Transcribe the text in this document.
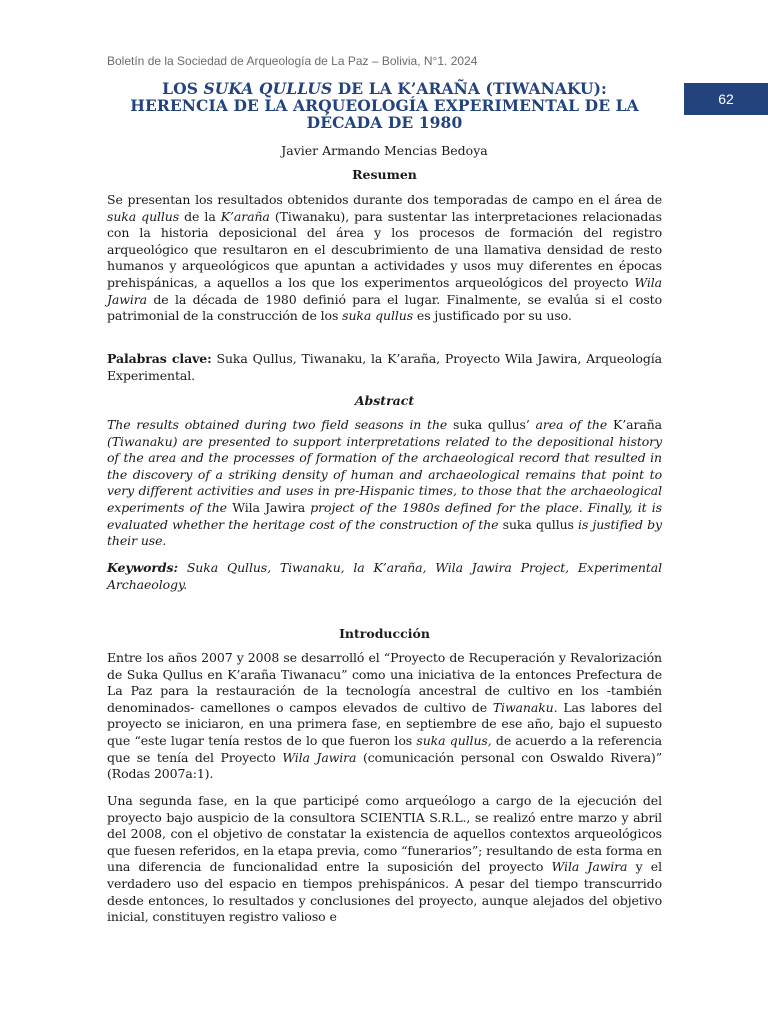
Boletín de la Sociedad de Arqueología de La Paz – Bolivia, N°1. 2024
62
LOS SUKA QULLUS DE LA K’ARAÑA (TIWANAKU):
HERENCIA DE LA ARQUEOLOGÍA EXPERIMENTAL DE LA
DÉCADA DE 1980
Javier Armando Mencias Bedoya
Resumen

Se presentan los resultados obtenidos durante dos temporadas de campo en el área de suka qullus de la K’araña (Tiwanaku), para sustentar las interpretaciones relacionadas con la historia deposicional del área y los procesos de formación del registro arqueológico que resultaron en el descubrimiento de una llamativa densidad de resto humanos y arqueológicos que apuntan a actividades y usos muy diferentes en épocas prehispánicas, a aquellos a los que los experimentos arqueológicos del proyecto Wila Jawira de la década de 1980 definió para el lugar. Finalmente, se evalúa si el costo patrimonial de la construcción de los suka qullus es justificado por su uso.

Palabras clave: Suka Qullus, Tiwanaku, la K’araña, Proyecto Wila Jawira, Arqueología Experimental.

Abstract

The results obtained during two field seasons in the suka qullus’ area of the K’araña (Tiwanaku) are presented to support interpretations related to the depositional history of the area and the processes of formation of the archaeological record that resulted in the discovery of a striking density of human and archaeological remains that point to very different activities and uses in pre-Hispanic times, to those that the archaeological experiments of the Wila Jawira project of the 1980s defined for the place. Finally, it is evaluated whether the heritage cost of the construction of the suka qullus is justified by their use.

Keywords: Suka Qullus, Tiwanaku, la K’araña, Wila Jawira Project, Experimental Archaeology.

Introducción

Entre los años 2007 y 2008 se desarrolló el “Proyecto de Recuperación y Revalorización de Suka Qullus en K’araña Tiwanacu” como una iniciativa de la entonces Prefectura de La Paz para la restauración de la tecnología ancestral de cultivo en los -también denominados- camellones o campos elevados de cultivo de Tiwanaku. Las labores del proyecto se iniciaron, en una primera fase, en septiembre de ese año, bajo el supuesto que “este lugar tenía restos de lo que fueron los suka qullus, de acuerdo a la referencia que se tenía del Proyecto Wila Jawira (comunicación personal con Oswaldo Rivera)” (Rodas 2007a:1).

Una segunda fase, en la que participé como arqueólogo a cargo de la ejecución del proyecto bajo auspicio de la consultora SCIENTIA S.R.L., se realizó entre marzo y abril del 2008, con el objetivo de constatar la existencia de aquellos contextos arqueológicos que fuesen referidos, en la etapa previa, como “funerarios”; resultando de esta forma en una diferencia de funcionalidad entre la suposición del proyecto Wila Jawira y el verdadero uso del espacio en tiempos prehispánicos. A pesar del tiempo transcurrido desde entonces, lo resultados y conclusiones del proyecto, aunque alejados del objetivo inicial, constituyen registro valioso e
